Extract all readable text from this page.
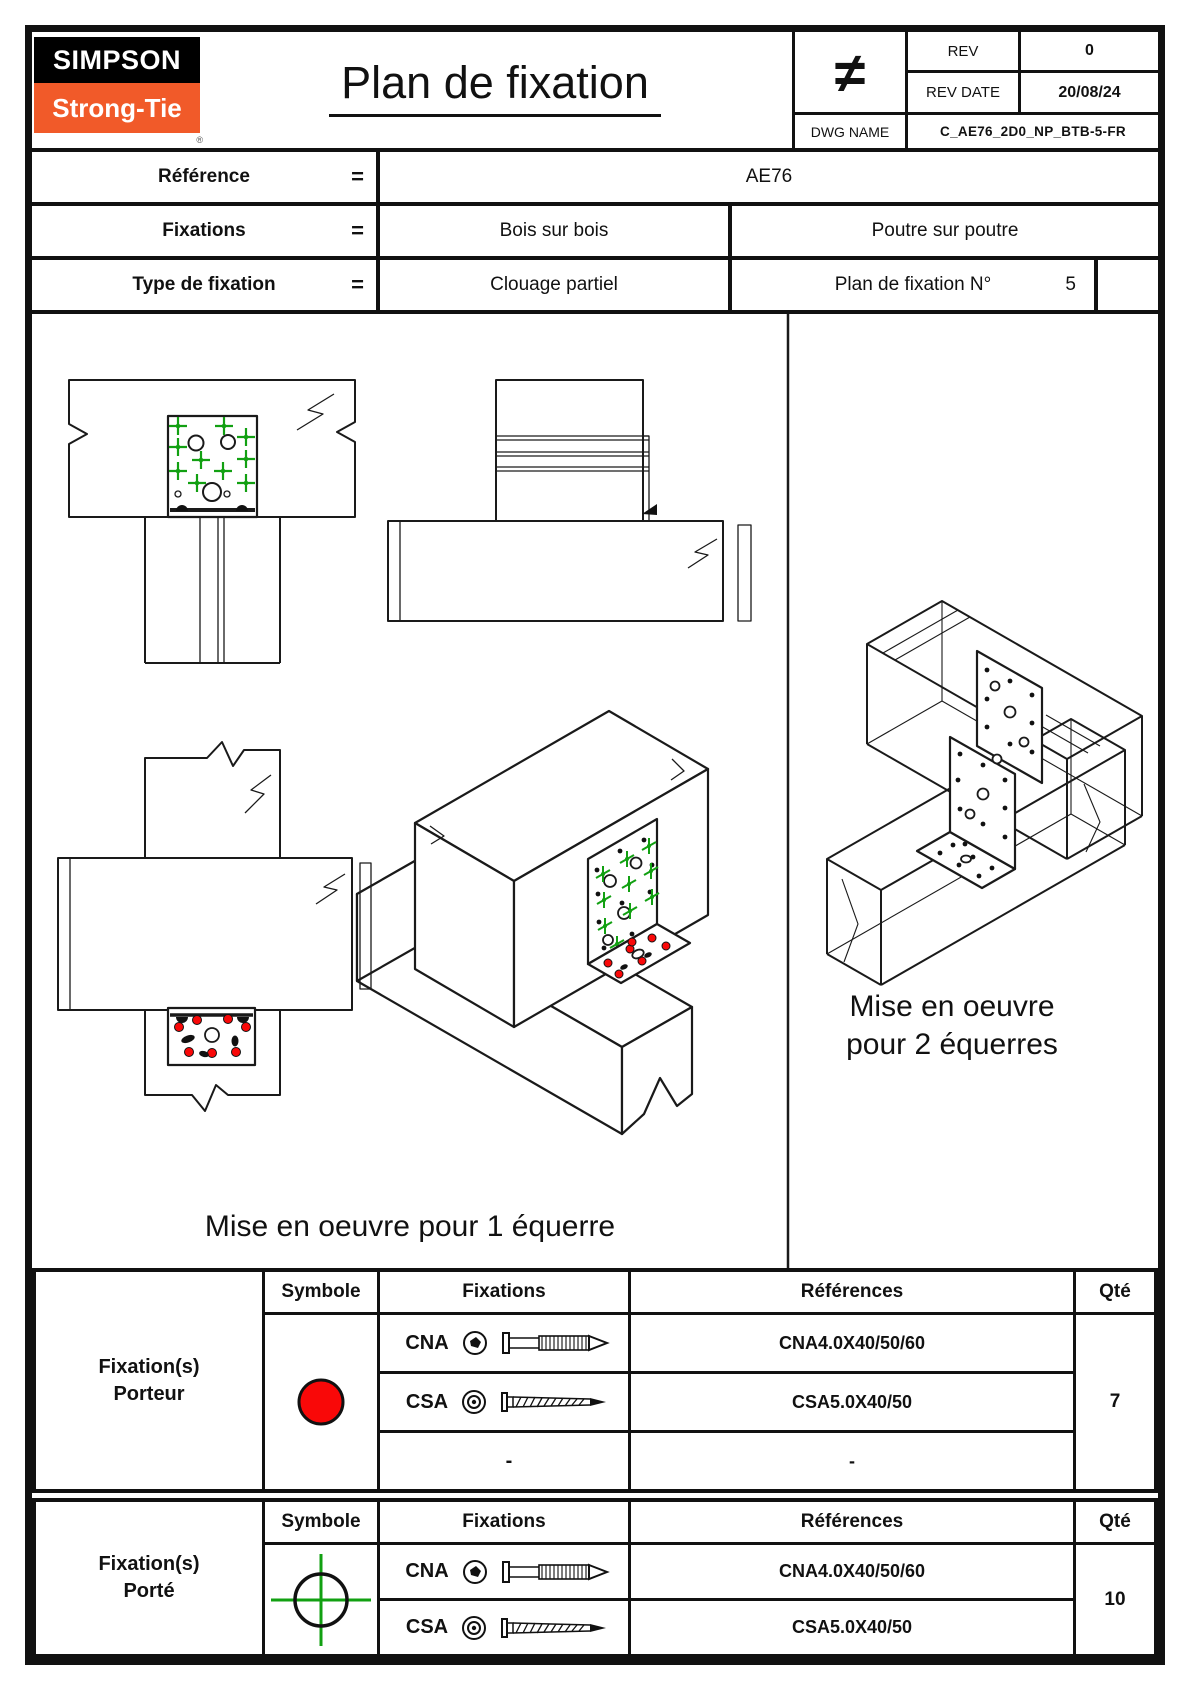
SIMPSON
Strong-Tie
®
Plan de fixation	≠	REV	0
REV DATE	20/08/24
DWG NAME	C_AE76_2D0_NP_BTB-5-FR
Référence	=	AE76
Fixations	=	Bois sur bois	Poutre sur poutre
Type de fixation	=	Clouage partiel	Plan de fixation N°	5
Mise en oeuvre pour 1 équerre
Mise en oeuvre
pour 2 équerres
Fixation(s)
Porteur
Symbole	Fixations	Références	Qté
CNA	CNA4.0X40/50/60
CSA	CSA5.0X40/50
-	-
7
Fixation(s)
Porté
Symbole	Fixations	Références	Qté
CNA	CNA4.0X40/50/60
CSA	CSA5.0X40/50
10
